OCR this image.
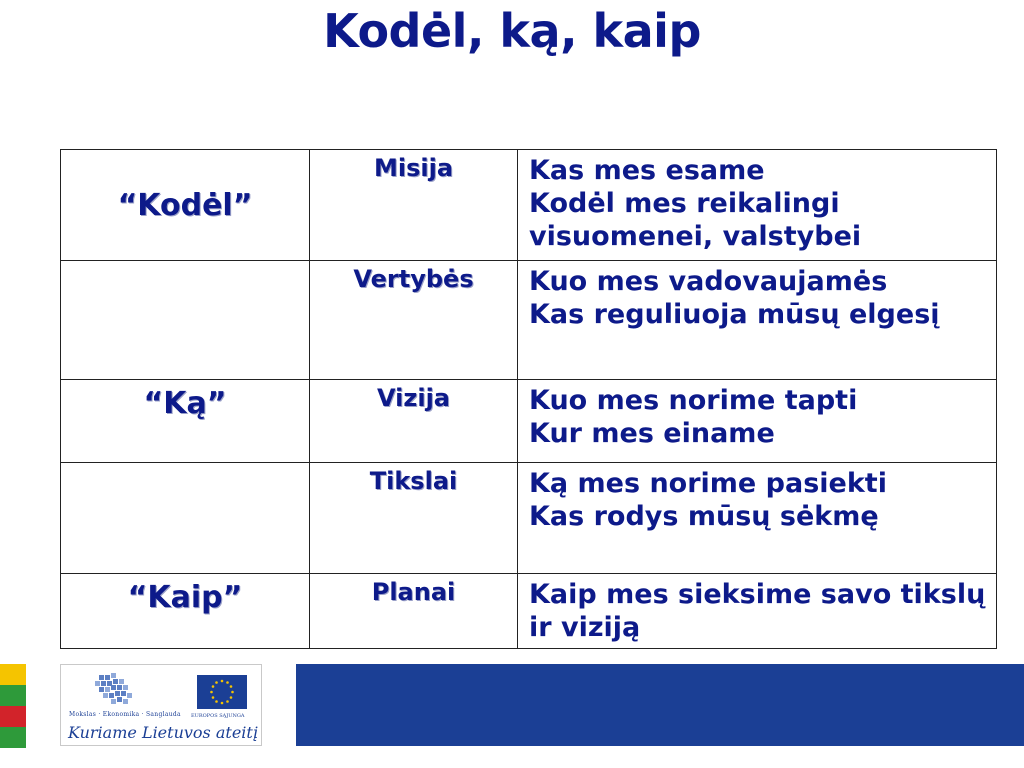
Kodėl, ką, kaip
“Kodėl”	Misija	Kas mes esame
Kodėl mes reikalingi visuomenei, valstybei

	Vertybės	Kuo mes vadovaujamės
Kas reguliuoja mūsų elgesį

“Ką”	Vizija	Kuo mes norime tapti
Kur mes einame

	Tikslai	Ką mes norime pasiekti
Kas rodys mūsų sėkmę

“Kaip”	Planai	Kaip mes sieksime savo tikslų ir viziją
Mokslas · Ekonomika · Sanglauda EUROPOS SĄJUNGA
Kuriame Lietuvos ateitį
